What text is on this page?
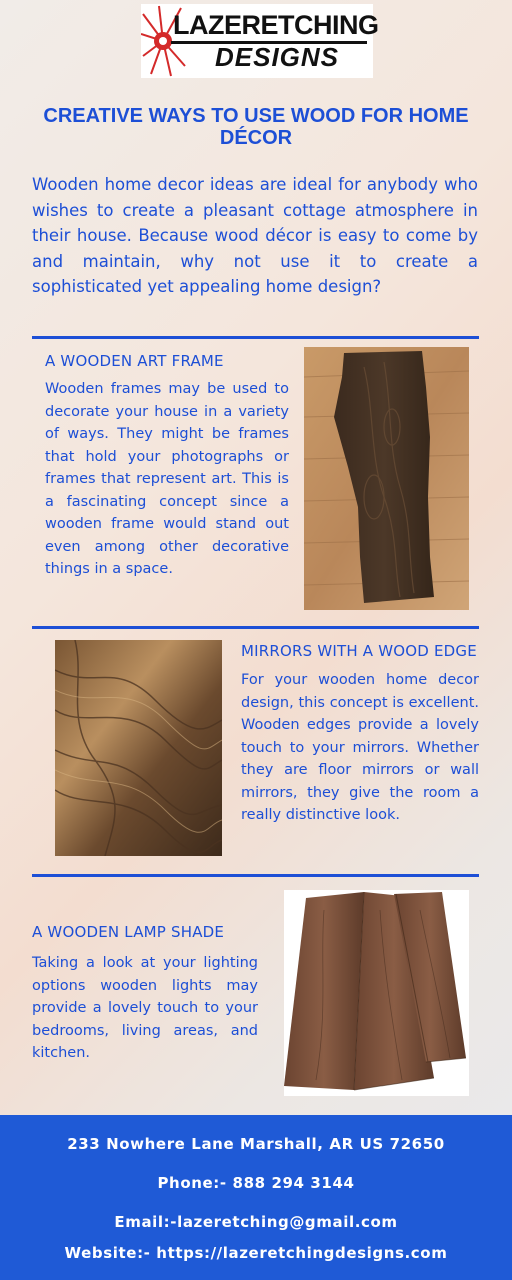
LAZERETCHING
DESIGNS
CREATIVE WAYS TO USE WOOD FOR HOME DÉCOR
Wooden home decor ideas are ideal for anybody who wishes to create a pleasant cottage atmosphere in their house. Because wood décor is easy to come by and maintain, why not use it to create a sophisticated yet appealing home design?
A WOODEN ART FRAME
Wooden frames may be used to decorate your house in a variety of ways. They might be frames that hold your photographs or frames that represent art. This is a fascinating concept since a wooden frame would stand out even among other decorative things in a space.
MIRRORS WITH A WOOD EDGE
For your wooden home decor design, this concept is excellent. Wooden edges provide a lovely touch to your mirrors. Whether they are floor mirrors or wall mirrors, they give the room a really distinctive look.
A WOODEN LAMP SHADE
Taking a look at your lighting options wooden lights may provide a lovely touch to your bedrooms, living areas, and kitchen.
233 Nowhere Lane Marshall, AR US 72650
Phone:- 888 294 3144
Email:-lazeretching@gmail.com
Website:- https://lazeretchingdesigns.com
